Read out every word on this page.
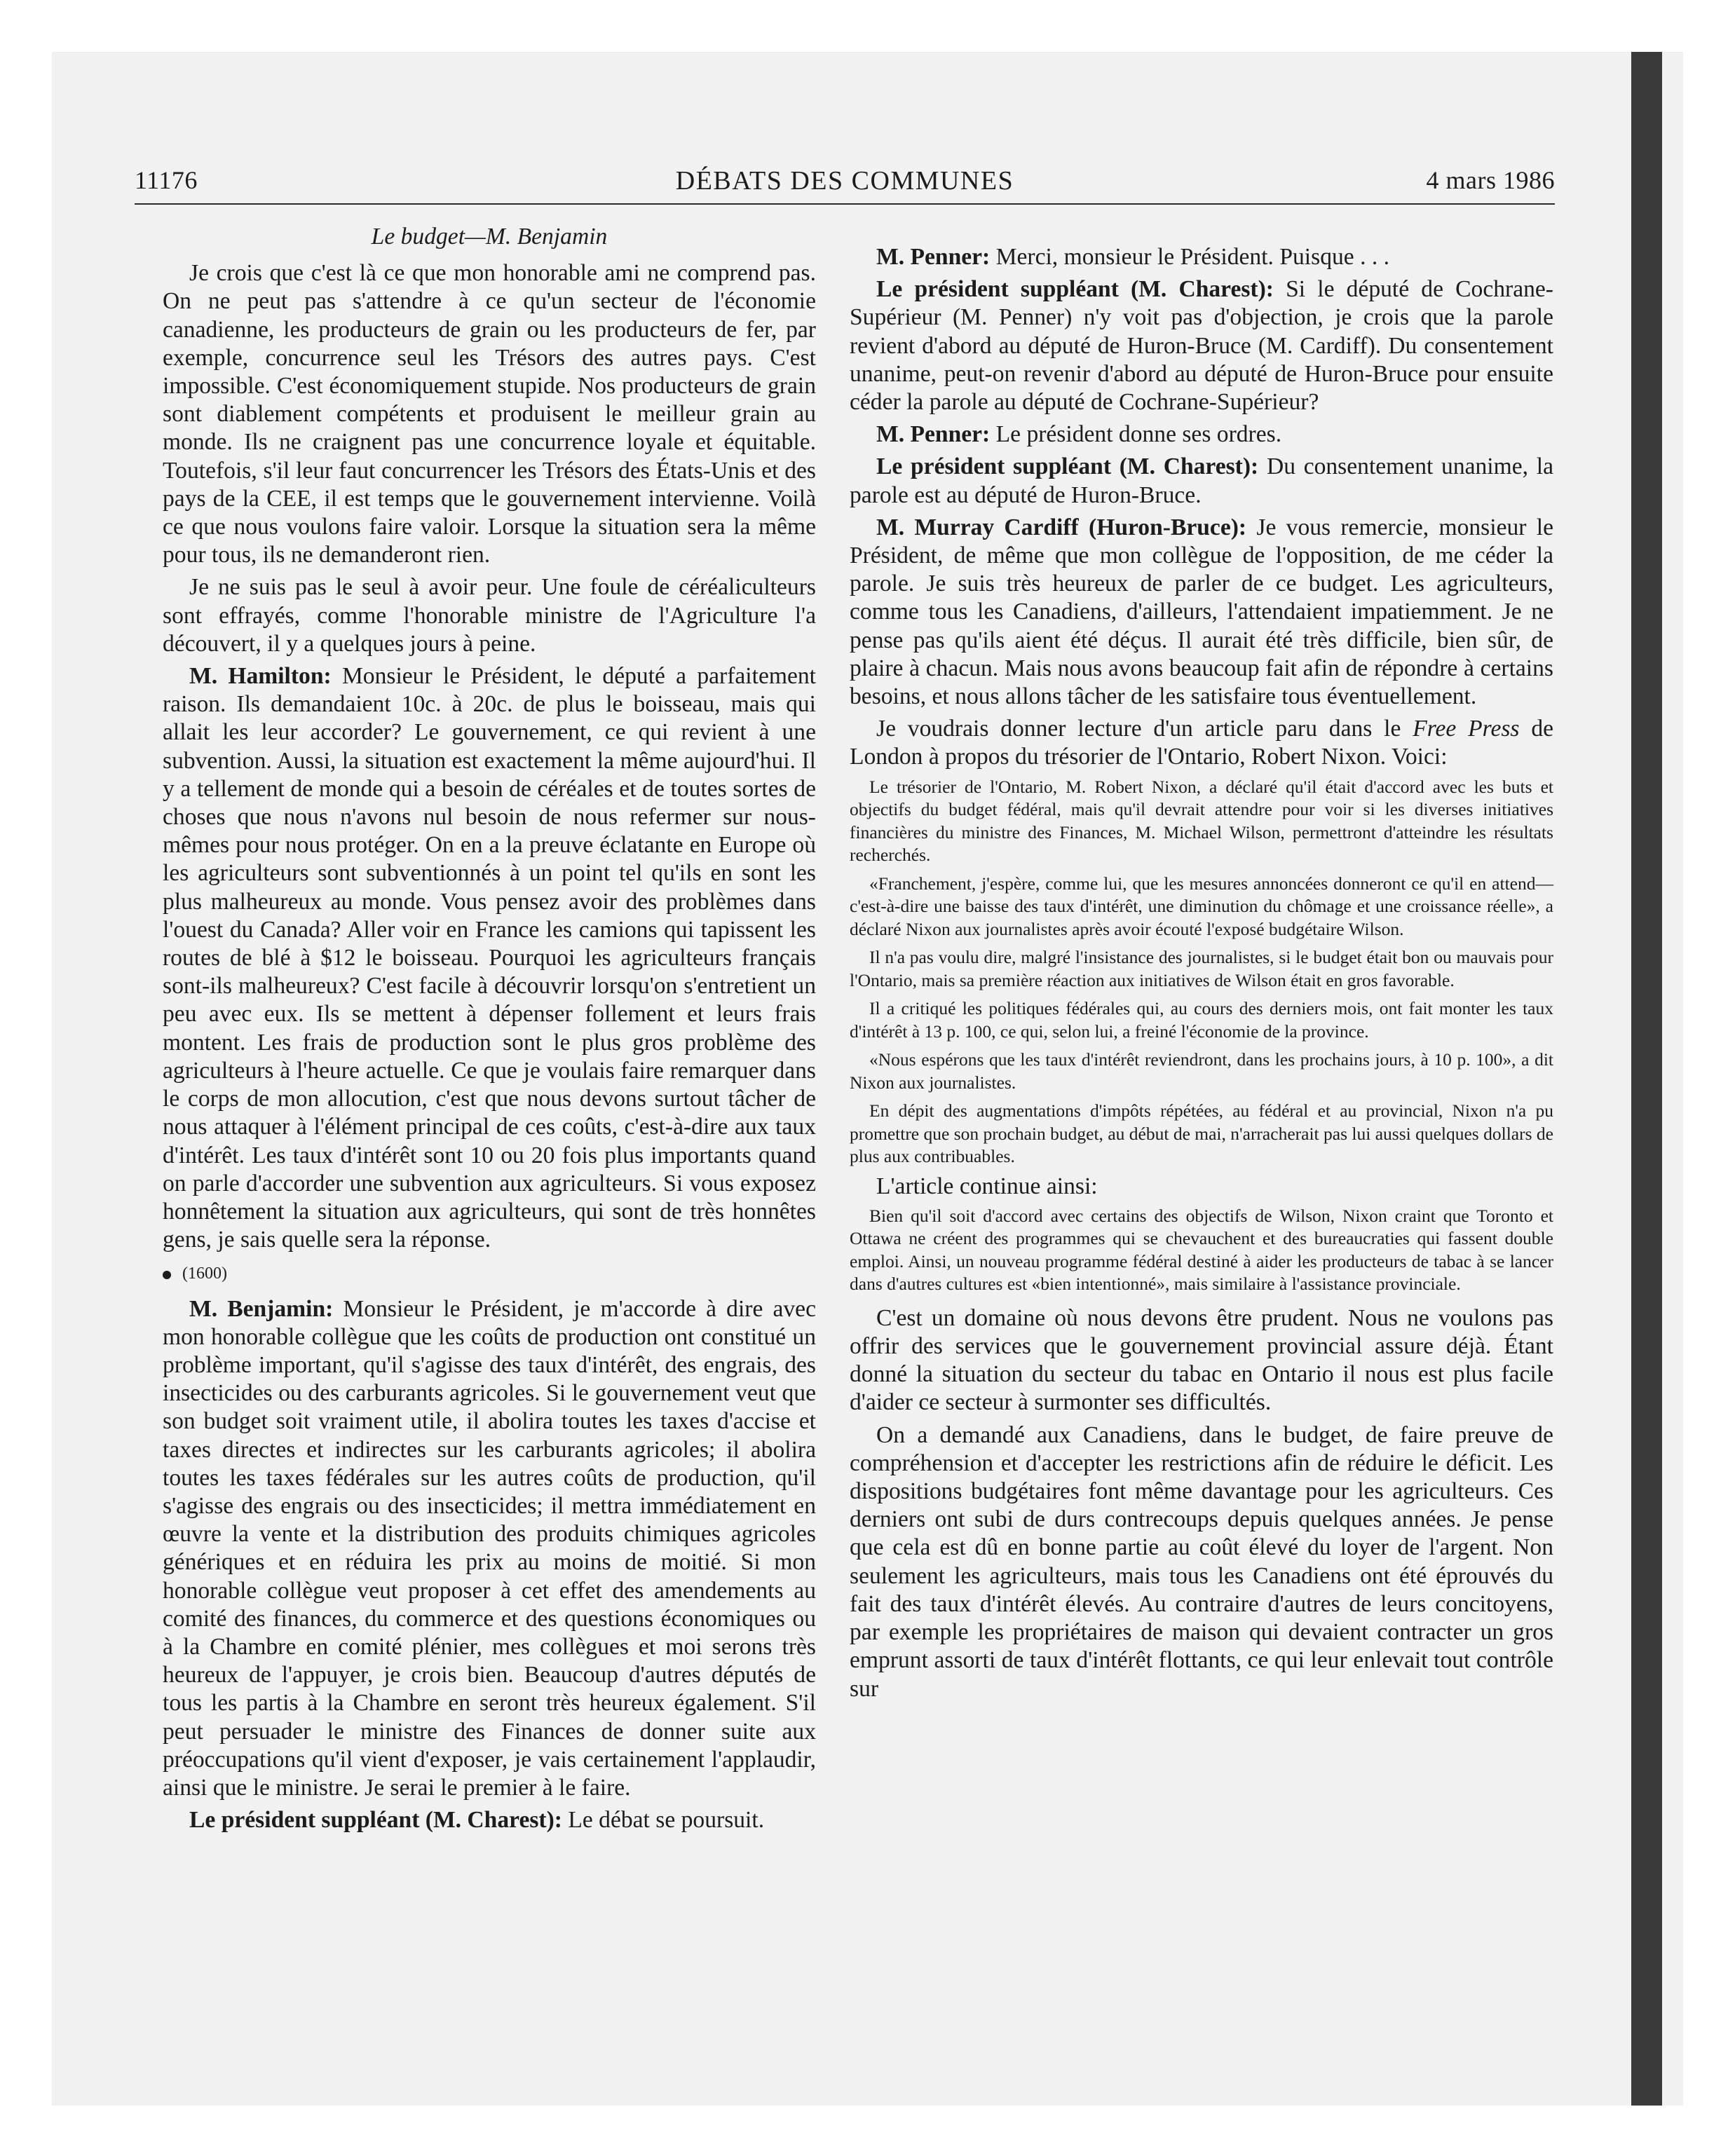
11176	DÉBATS DES COMMUNES	4 mars 1986

Le budget—M. Benjamin

Je crois que c'est là ce que mon honorable ami ne comprend pas. On ne peut pas s'attendre à ce qu'un secteur de l'économie canadienne, les producteurs de grain ou les producteurs de fer, par exemple, concurrence seul les Trésors des autres pays. C'est impossible. C'est économiquement stupide. Nos producteurs de grain sont diablement compétents et produisent le meilleur grain au monde. Ils ne craignent pas une concurrence loyale et équitable. Toutefois, s'il leur faut concurrencer les Trésors des États-Unis et des pays de la CEE, il est temps que le gouvernement intervienne. Voilà ce que nous voulons faire valoir. Lorsque la situation sera la même pour tous, ils ne demanderont rien.

Je ne suis pas le seul à avoir peur. Une foule de céréaliculteurs sont effrayés, comme l'honorable ministre de l'Agriculture l'a découvert, il y a quelques jours à peine.

M. Hamilton: Monsieur le Président, le député a parfaitement raison. Ils demandaient 10c. à 20c. de plus le boisseau, mais qui allait les leur accorder? Le gouvernement, ce qui revient à une subvention. Aussi, la situation est exactement la même aujourd'hui. Il y a tellement de monde qui a besoin de céréales et de toutes sortes de choses que nous n'avons nul besoin de nous refermer sur nous-mêmes pour nous protéger. On en a la preuve éclatante en Europe où les agriculteurs sont subventionnés à un point tel qu'ils en sont les plus malheureux au monde. Vous pensez avoir des problèmes dans l'ouest du Canada? Aller voir en France les camions qui tapissent les routes de blé à $12 le boisseau. Pourquoi les agriculteurs français sont-ils malheureux? C'est facile à découvrir lorsqu'on s'entretient un peu avec eux. Ils se mettent à dépenser follement et leurs frais montent. Les frais de production sont le plus gros problème des agriculteurs à l'heure actuelle. Ce que je voulais faire remarquer dans le corps de mon allocution, c'est que nous devons surtout tâcher de nous attaquer à l'élément principal de ces coûts, c'est-à-dire aux taux d'intérêt. Les taux d'intérêt sont 10 ou 20 fois plus importants quand on parle d'accorder une subvention aux agriculteurs. Si vous exposez honnêtement la situation aux agriculteurs, qui sont de très honnêtes gens, je sais quelle sera la réponse.

(1600)

M. Benjamin: Monsieur le Président, je m'accorde à dire avec mon honorable collègue que les coûts de production ont constitué un problème important, qu'il s'agisse des taux d'intérêt, des engrais, des insecticides ou des carburants agricoles. Si le gouvernement veut que son budget soit vraiment utile, il abolira toutes les taxes d'accise et taxes directes et indirectes sur les carburants agricoles; il abolira toutes les taxes fédérales sur les autres coûts de production, qu'il s'agisse des engrais ou des insecticides; il mettra immédiatement en œuvre la vente et la distribution des produits chimiques agricoles génériques et en réduira les prix au moins de moitié. Si mon honorable collègue veut proposer à cet effet des amendements au comité des finances, du commerce et des questions économiques ou à la Chambre en comité plénier, mes collègues et moi serons très heureux de l'appuyer, je crois bien. Beaucoup d'autres députés de tous les partis à la Chambre en seront très heureux également. S'il peut persuader le ministre des Finances de donner suite aux préoccupations qu'il vient d'exposer, je vais certainement l'applaudir, ainsi que le ministre. Je serai le premier à le faire.

Le président suppléant (M. Charest): Le débat se poursuit.

M. Penner: Merci, monsieur le Président. Puisque . . .

Le président suppléant (M. Charest): Si le député de Cochrane-Supérieur (M. Penner) n'y voit pas d'objection, je crois que la parole revient d'abord au député de Huron-Bruce (M. Cardiff). Du consentement unanime, peut-on revenir d'abord au député de Huron-Bruce pour ensuite céder la parole au député de Cochrane-Supérieur?

M. Penner: Le président donne ses ordres.

Le président suppléant (M. Charest): Du consentement unanime, la parole est au député de Huron-Bruce.

M. Murray Cardiff (Huron-Bruce): Je vous remercie, monsieur le Président, de même que mon collègue de l'opposition, de me céder la parole. Je suis très heureux de parler de ce budget. Les agriculteurs, comme tous les Canadiens, d'ailleurs, l'attendaient impatiemment. Je ne pense pas qu'ils aient été déçus. Il aurait été très difficile, bien sûr, de plaire à chacun. Mais nous avons beaucoup fait afin de répondre à certains besoins, et nous allons tâcher de les satisfaire tous éventuellement.

Je voudrais donner lecture d'un article paru dans le Free Press de London à propos du trésorier de l'Ontario, Robert Nixon. Voici:

Le trésorier de l'Ontario, M. Robert Nixon, a déclaré qu'il était d'accord avec les buts et objectifs du budget fédéral, mais qu'il devrait attendre pour voir si les diverses initiatives financières du ministre des Finances, M. Michael Wilson, permettront d'atteindre les résultats recherchés.

«Franchement, j'espère, comme lui, que les mesures annoncées donneront ce qu'il en attend—c'est-à-dire une baisse des taux d'intérêt, une diminution du chômage et une croissance réelle», a déclaré Nixon aux journalistes après avoir écouté l'exposé budgétaire Wilson.

Il n'a pas voulu dire, malgré l'insistance des journalistes, si le budget était bon ou mauvais pour l'Ontario, mais sa première réaction aux initiatives de Wilson était en gros favorable.

Il a critiqué les politiques fédérales qui, au cours des derniers mois, ont fait monter les taux d'intérêt à 13 p. 100, ce qui, selon lui, a freiné l'économie de la province.

«Nous espérons que les taux d'intérêt reviendront, dans les prochains jours, à 10 p. 100», a dit Nixon aux journalistes.

En dépit des augmentations d'impôts répétées, au fédéral et au provincial, Nixon n'a pu promettre que son prochain budget, au début de mai, n'arracherait pas lui aussi quelques dollars de plus aux contribuables.

L'article continue ainsi:

Bien qu'il soit d'accord avec certains des objectifs de Wilson, Nixon craint que Toronto et Ottawa ne créent des programmes qui se chevauchent et des bureaucraties qui fassent double emploi. Ainsi, un nouveau programme fédéral destiné à aider les producteurs de tabac à se lancer dans d'autres cultures est «bien intentionné», mais similaire à l'assistance provinciale.

C'est un domaine où nous devons être prudent. Nous ne voulons pas offrir des services que le gouvernement provincial assure déjà. Étant donné la situation du secteur du tabac en Ontario il nous est plus facile d'aider ce secteur à surmonter ses difficultés.

On a demandé aux Canadiens, dans le budget, de faire preuve de compréhension et d'accepter les restrictions afin de réduire le déficit. Les dispositions budgétaires font même davantage pour les agriculteurs. Ces derniers ont subi de durs contrecoups depuis quelques années. Je pense que cela est dû en bonne partie au coût élevé du loyer de l'argent. Non seulement les agriculteurs, mais tous les Canadiens ont été éprouvés du fait des taux d'intérêt élevés. Au contraire d'autres de leurs concitoyens, par exemple les propriétaires de maison qui devaient contracter un gros emprunt assorti de taux d'intérêt flottants, ce qui leur enlevait tout contrôle sur
